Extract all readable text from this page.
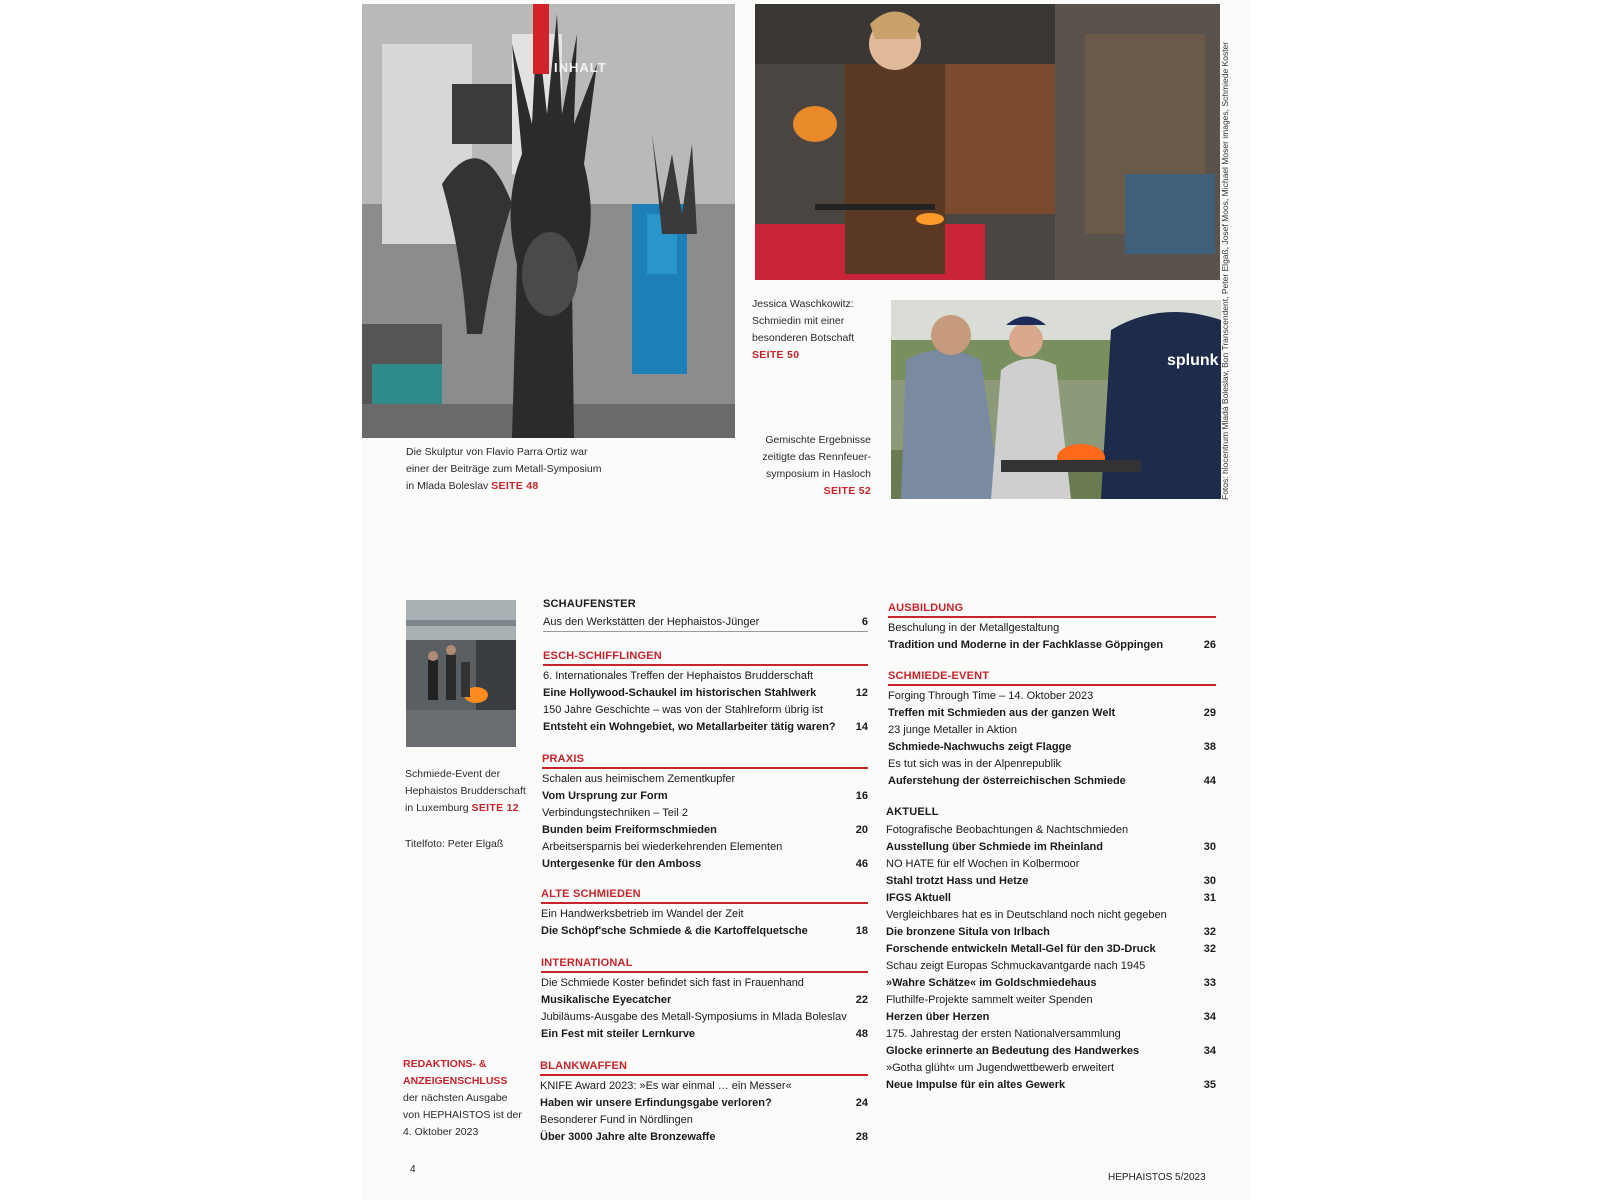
INHALT
splunk
Die Skulptur von Flavio Parra Ortiz war
einer der Beiträge zum Metall-Symposium
in Mlada Boleslav SEITE 48
Jessica Waschkowitz:
Schmiedin mit einer
besonderen Botschaft
SEITE 50
Gemischte Ergebnisse
zeitigte das Rennfeuer-
symposium in Hasloch
SEITE 52
Schmiede-Event der
Hephaistos Brudderschaft
in Luxemburg SEITE 12
Titelfoto: Peter Elgaß
Fotos: hlocentrum Mladá Boleslav, Bon Transcendent, Peter Elgaß, Josef Moos, Michael Moser images, Schmiede Koster
REDAKTIONS- &
ANZEIGENSCHLUSS
der nächsten Ausgabe
von HEPHAISTOS ist der
4. Oktober 2023
SCHAUFENSTER
Aus den Werkstätten der Hephaistos-Jünger	6
ESCH-SCHIFFLINGEN
6. Internationales Treffen der Hephaistos Brudderschaft
Eine Hollywood-Schaukel im historischen Stahlwerk	12
150 Jahre Geschichte – was von der Stahlreform übrig ist
Entsteht ein Wohngebiet, wo Metallarbeiter tätig waren? 14
PRAXIS
Schalen aus heimischem Zementkupfer
Vom Ursprung zur Form	16
Verbindungstechniken – Teil 2
Bunden beim Freiformschmieden	20
Arbeitsersparnis bei wiederkehrenden Elementen
Untergesenke für den Amboss	46
ALTE SCHMIEDEN
Ein Handwerksbetrieb im Wandel der Zeit
Die Schöpf'sche Schmiede & die Kartoffelquetsche	18
INTERNATIONAL
Die Schmiede Koster befindet sich fast in Frauenhand
Musikalische Eyecatcher	22
Jubiläums-Ausgabe des Metall-Symposiums in Mlada Boleslav
Ein Fest mit steiler Lernkurve	48
BLANKWAFFEN
KNIFE Award 2023: »Es war einmal … ein Messer«
Haben wir unsere Erfindungsgabe verloren?	24
Besonderer Fund in Nördlingen
Über 3000 Jahre alte Bronzewaffe	28
AUSBILDUNG
Beschulung in der Metallgestaltung
Tradition und Moderne in der Fachklasse Göppingen	26
SCHMIEDE-EVENT
Forging Through Time – 14. Oktober 2023
Treffen mit Schmieden aus der ganzen Welt	29
23 junge Metaller in Aktion
Schmiede-Nachwuchs zeigt Flagge	38
Es tut sich was in der Alpenrepublik
Auferstehung der österreichischen Schmiede	44
AKTUELL
Fotografische Beobachtungen & Nachtschmieden
Ausstellung über Schmiede im Rheinland	30
NO HATE für elf Wochen in Kolbermoor
Stahl trotzt Hass und Hetze	30
IFGS Aktuell	31
Vergleichbares hat es in Deutschland noch nicht gegeben
Die bronzene Situla von Irlbach	32
Forschende entwickeln Metall-Gel für den 3D-Druck	32
Schau zeigt Europas Schmuckavantgarde nach 1945
»Wahre Schätze« im Goldschmiedehaus	33
Fluthilfe-Projekte sammelt weiter Spenden
Herzen über Herzen	34
175. Jahrestag der ersten Nationalversammlung
Glocke erinnerte an Bedeutung des Handwerkes	34
»Gotha glüht« um Jugendwettbewerb erweitert
Neue Impulse für ein altes Gewerk	35
4
HEPHAISTOS 5/2023
